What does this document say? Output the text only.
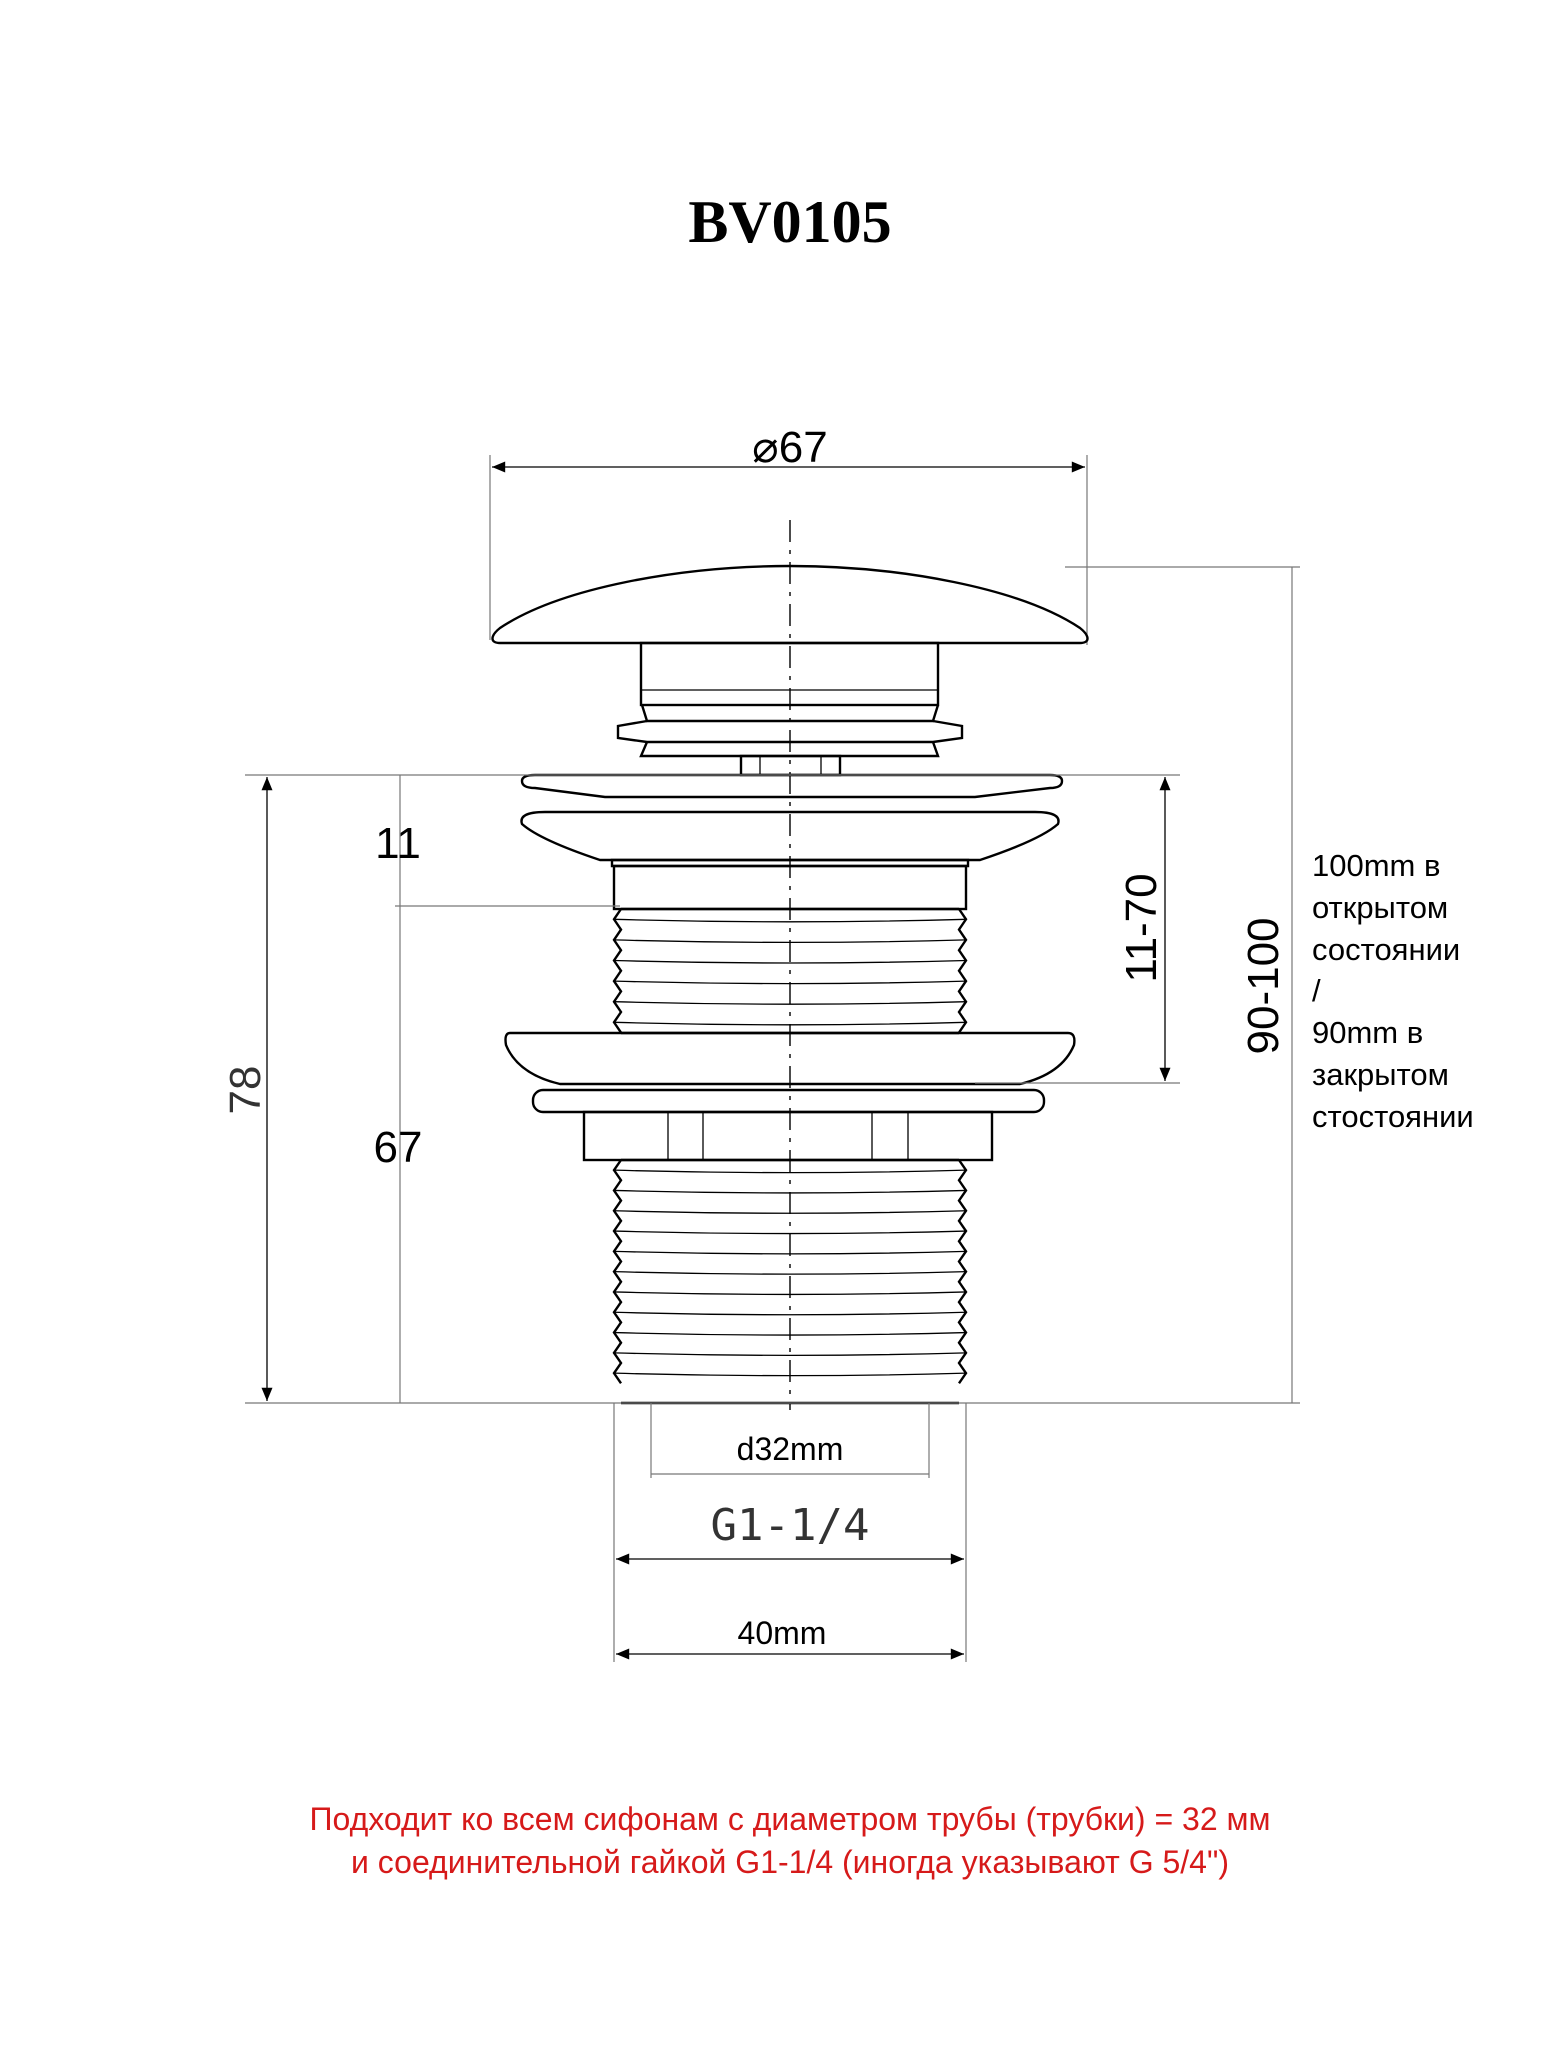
BV0105
⌀67
78
11
67
11-70 90-100
100mm в
открытом
состоянии
/
90mm в
закрытом
стостоянии
d32mm
G1-1/4
40mm
Подходит ко всем сифонам с диаметром трубы (трубки) = 32 мм
и соединительной гайкой G1-1/4 (иногда указывают G 5/4")
